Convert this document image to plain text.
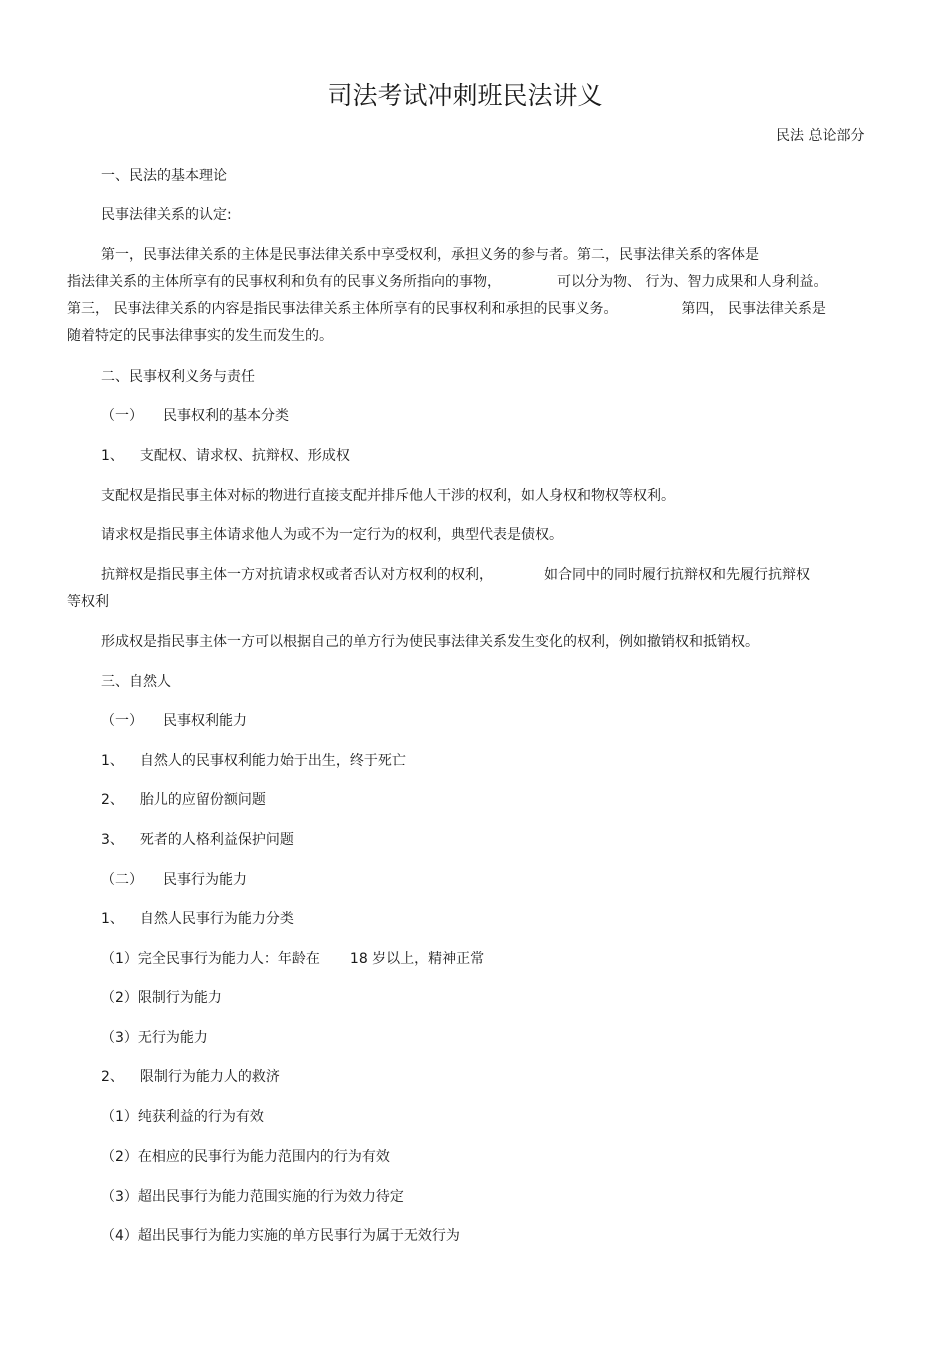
司法考试冲刺班民法讲义
民法 总论部分
一、民法的基本理论
民事法律关系的认定:
第一，民事法律关系的主体是民事法律关系中享受权利，承担义务的参与者。第二，民事法律关系的客体是
指法律关系的主体所享有的民事权利和负有的民事义务所指向的事物，	可以分为物、 行为、智力成果和人身利益。
第三， 民事法律关系的内容是指民事法律关系主体所享有的民事权利和承担的民事义务。	第四， 民事法律关系是
随着特定的民事法律事实的发生而发生的。
二、民事权利义务与责任
（一） 民事权利的基本分类
1、 支配权、请求权、抗辩权、形成权
支配权是指民事主体对标的物进行直接支配并排斥他人干涉的权利，如人身权和物权等权利。
请求权是指民事主体请求他人为或不为一定行为的权利，典型代表是债权。
抗辩权是指民事主体一方对抗请求权或者否认对方权利的权利，	如合同中的同时履行抗辩权和先履行抗辩权
等权利
形成权是指民事主体一方可以根据自己的单方行为使民事法律关系发生变化的权利，例如撤销权和抵销权。
三、自然人
（一） 民事权利能力
1、 自然人的民事权利能力始于出生，终于死亡
2、 胎儿的应留份额问题
3、 死者的人格利益保护问题
（二） 民事行为能力
1、 自然人民事行为能力分类
（1）完全民事行为能力人：年龄在 18 岁以上，精神正常
（2）限制行为能力
（3）无行为能力
2、 限制行为能力人的救济
（1）纯获利益的行为有效
（2）在相应的民事行为能力范围内的行为有效
（3）超出民事行为能力范围实施的行为效力待定
（4）超出民事行为能力实施的单方民事行为属于无效行为
